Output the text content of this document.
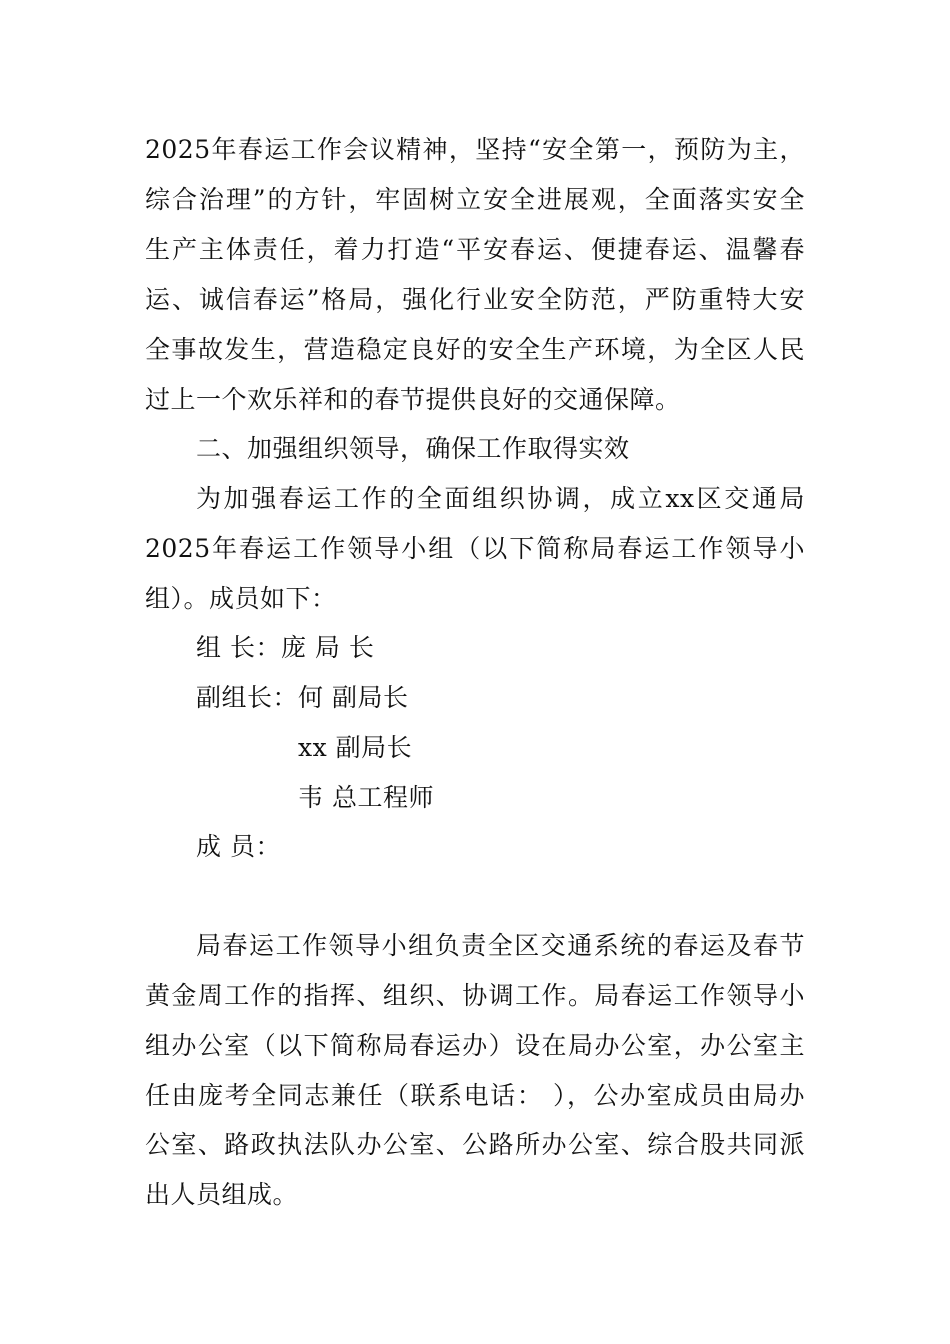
2025年春运工作会议精神，坚持“安全第一，预防为主，
综合治理”的方针，牢固树立安全进展观，全面落实安全
生产主体责任，着力打造“平安春运、便捷春运、温馨春
运、诚信春运”格局，强化行业安全防范，严防重特大安
全事故发生，营造稳定良好的安全生产环境，为全区人民
过上一个欢乐祥和的春节提供良好的交通保障。
二、加强组织领导，确保工作取得实效
为加强春运工作的全面组织协调，成立xx区交通局
2025年春运工作领导小组（以下简称局春运工作领导小
组）。成员如下：
组 长：庞 局 长
副组长：何 副局长
xx 副局长
韦 总工程师
成 员：
局春运工作领导小组负责全区交通系统的春运及春节
黄金周工作的指挥、组织、协调工作。局春运工作领导小
组办公室（以下简称局春运办）设在局办公室，办公室主
任由庞考全同志兼任（联系电话： ），公办室成员由局办
公室、路政执法队办公室、公路所办公室、综合股共同派
出人员组成。
